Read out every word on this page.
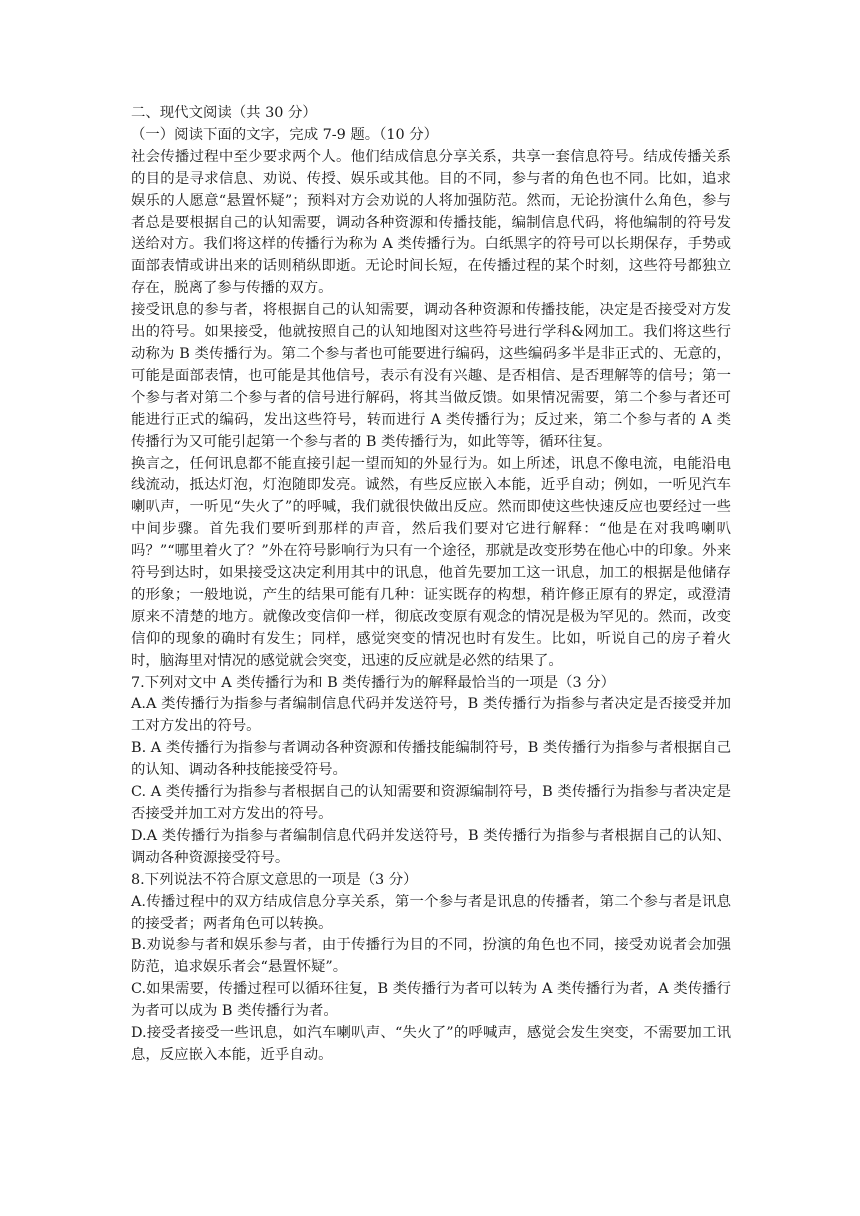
二、现代文阅读（共 30 分）

（一）阅读下面的文字，完成 7-9 题。（10 分）

社会传播过程中至少要求两个人。他们结成信息分享关系，共享一套信息符号。结成传播关系的目的是寻求信息、劝说、传授、娱乐或其他。目的不同，参与者的角色也不同。比如，追求娱乐的人愿意“悬置怀疑”；预料对方会劝说的人将加强防范。然而，无论扮演什么角色，参与者总是要根据自己的认知需要，调动各种资源和传播技能，编制信息代码，将他编制的符号发送给对方。我们将这样的传播行为称为 A 类传播行为。白纸黑字的符号可以长期保存，手势或面部表情或讲出来的话则稍纵即逝。无论时间长短，在传播过程的某个时刻，这些符号都独立存在，脱离了参与传播的双方。

接受讯息的参与者，将根据自己的认知需要，调动各种资源和传播技能，决定是否接受对方发出的符号。如果接受，他就按照自己的认知地图对这些符号进行学科&网加工。我们将这些行动称为 B 类传播行为。第二个参与者也可能要进行编码，这些编码多半是非正式的、无意的，可能是面部表情，也可能是其他信号，表示有没有兴趣、是否相信、是否理解等的信号；第一个参与者对第二个参与者的信号进行解码，将其当做反馈。如果情况需要，第二个参与者还可能进行正式的编码，发出这些符号，转而进行 A 类传播行为；反过来，第二个参与者的 A 类传播行为又可能引起第一个参与者的 B 类传播行为，如此等等，循环往复。

换言之，任何讯息都不能直接引起一望而知的外显行为。如上所述，讯息不像电流，电能沿电线流动，抵达灯泡，灯泡随即发亮。诚然，有些反应嵌入本能，近乎自动；例如，一听见汽车喇叭声，一听见“失火了”的呼喊，我们就很快做出反应。然而即使这些快速反应也要经过一些中间步骤。首先我们要听到那样的声音，然后我们要对它进行解释：“他是在对我鸣喇叭吗？”“哪里着火了？”外在符号影响行为只有一个途径，那就是改变形势在他心中的印象。外来符号到达时，如果接受这决定利用其中的讯息，他首先要加工这一讯息，加工的根据是他储存的形象；一般地说，产生的结果可能有几种：证实既存的构想，稍许修正原有的界定，或澄清原来不清楚的地方。就像改变信仰一样，彻底改变原有观念的情况是极为罕见的。然而，改变信仰的现象的确时有发生；同样，感觉突变的情况也时有发生。比如，听说自己的房子着火时，脑海里对情况的感觉就会突变，迅速的反应就是必然的结果了。

7.下列对文中 A 类传播行为和 B 类传播行为的解释最恰当的一项是（3 分）

A.A 类传播行为指参与者编制信息代码并发送符号，B 类传播行为指参与者决定是否接受并加工对方发出的符号。

B. A 类传播行为指参与者调动各种资源和传播技能编制符号，B 类传播行为指参与者根据自己的认知、调动各种技能接受符号。

C. A 类传播行为指参与者根据自己的认知需要和资源编制符号，B 类传播行为指参与者决定是否接受并加工对方发出的符号。

D.A 类传播行为指参与者编制信息代码并发送符号，B 类传播行为指参与者根据自己的认知、调动各种资源接受符号。

8.下列说法不符合原文意思的一项是（3 分）

A.传播过程中的双方结成信息分享关系，第一个参与者是讯息的传播者，第二个参与者是讯息的接受者；两者角色可以转换。

B.劝说参与者和娱乐参与者，由于传播行为目的不同，扮演的角色也不同，接受劝说者会加强防范，追求娱乐者会“悬置怀疑”。

C.如果需要，传播过程可以循环往复，B 类传播行为者可以转为 A 类传播行为者，A 类传播行为者可以成为 B 类传播行为者。

D.接受者接受一些讯息，如汽车喇叭声、“失火了”的呼喊声，感觉会发生突变，不需要加工讯息，反应嵌入本能，近乎自动。
